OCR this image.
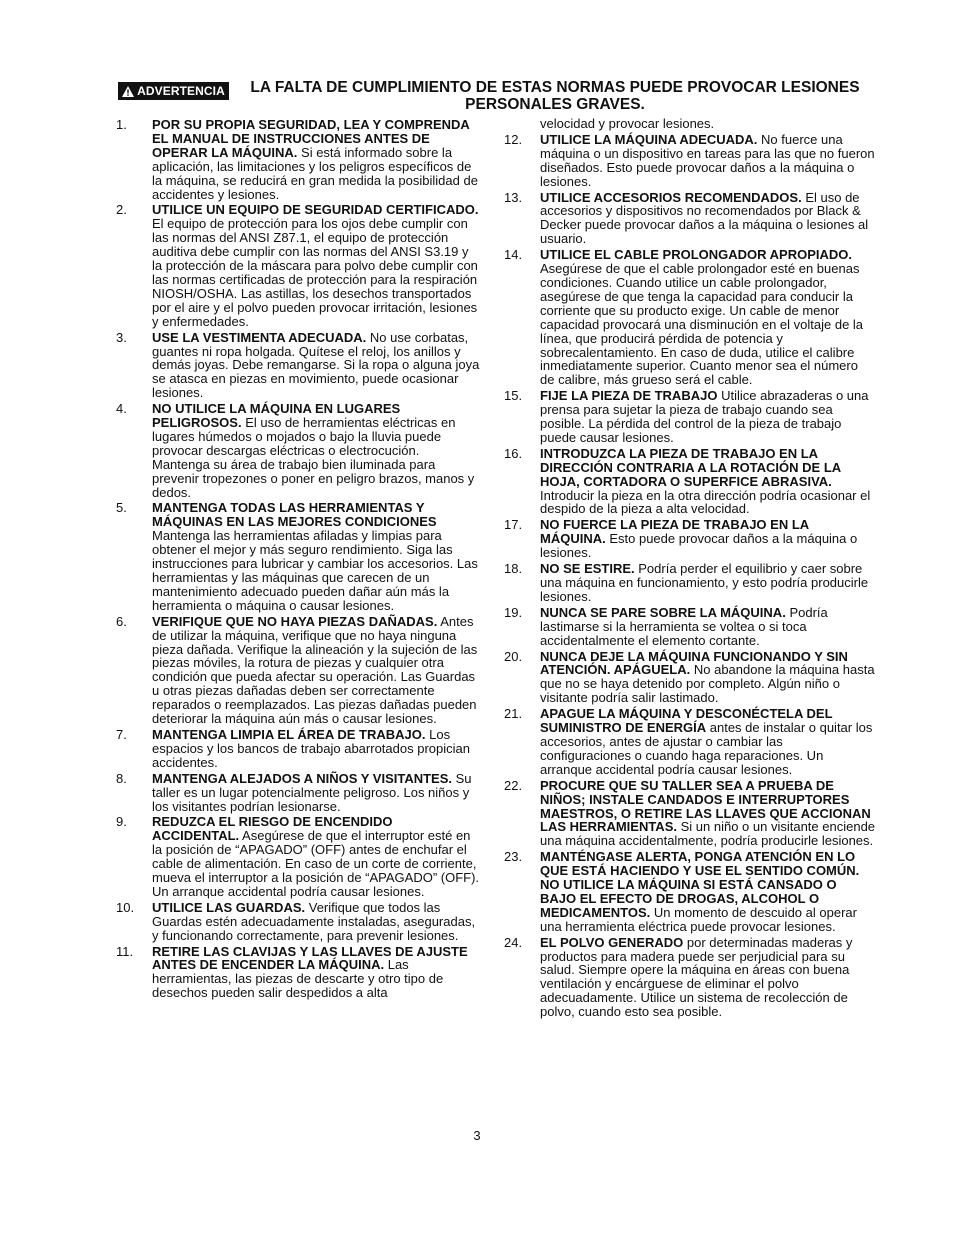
ADVERTENCIA LA FALTA DE CUMPLIMIENTO DE ESTAS NORMAS PUEDE PROVOCAR LESIONES PERSONALES GRAVES.
1.	POR SU PROPIA SEGURIDAD, LEA Y COMPRENDA EL MANUAL DE INSTRUCCIONES ANTES DE OPERAR LA MÁQUINA. Si está informado sobre la aplicación, las limitaciones y los peligros específicos de la máquina, se reducirá en gran medida la posibilidad de accidentes y lesiones.
2.	UTILICE UN EQUIPO DE SEGURIDAD CERTIFICADO. El equipo de protección para los ojos debe cumplir con las normas del ANSI Z87.1, el equipo de protección auditiva debe cumplir con las normas del ANSI S3.19 y la protección de la máscara para polvo debe cumplir con las normas certificadas de protección para la respiración NIOSH/OSHA. Las astillas, los desechos transportados por el aire y el polvo pueden provocar irritación, lesiones y enfermedades.
3.	USE LA VESTIMENTA ADECUADA. No use corbatas, guantes ni ropa holgada. Quítese el reloj, los anillos y demás joyas. Debe remangarse. Si la ropa o alguna joya se atasca en piezas en movimiento, puede ocasionar lesiones.
4.	NO UTILICE LA MÁQUINA EN LUGARES PELIGROSOS. El uso de herramientas eléctricas en lugares húmedos o mojados o bajo la lluvia puede provocar descargas eléctricas o electrocución. Mantenga su área de trabajo bien iluminada para prevenir tropezones o poner en peligro brazos, manos y dedos.
5.	MANTENGA TODAS LAS HERRAMIENTAS Y MÁQUINAS EN LAS MEJORES CONDICIONES Mantenga las herramientas afiladas y limpias para obtener el mejor y más seguro rendimiento. Siga las instrucciones para lubricar y cambiar los accesorios. Las herramientas y las máquinas que carecen de un mantenimiento adecuado pueden dañar aún más la herramienta o máquina o causar lesiones.
6.	VERIFIQUE QUE NO HAYA PIEZAS DAÑADAS. Antes de utilizar la máquina, verifique que no haya ninguna pieza dañada. Verifique la alineación y la sujeción de las piezas móviles, la rotura de piezas y cualquier otra condición que pueda afectar su operación. Las Guardas u otras piezas dañadas deben ser correctamente reparados o reemplazados. Las piezas dañadas pueden deteriorar la máquina aún más o causar lesiones.
7.	MANTENGA LIMPIA EL ÁREA DE TRABAJO. Los espacios y los bancos de trabajo abarrotados propician accidentes.
8.	MANTENGA ALEJADOS A NIÑOS Y VISITANTES. Su taller es un lugar potencialmente peligroso. Los niños y los visitantes podrían lesionarse.
9.	REDUZCA EL RIESGO DE ENCENDIDO ACCIDENTAL. Asegúrese de que el interruptor esté en la posición de “APAGADO” (OFF) antes de enchufar el cable de alimentación. En caso de un corte de corriente, mueva el interruptor a la posición de “APAGADO” (OFF). Un arranque accidental podría causar lesiones.
10.	UTILICE LAS GUARDAS. Verifique que todos las Guardas estén adecuadamente instaladas, aseguradas, y funcionando correctamente, para prevenir lesiones.
11.	RETIRE LAS CLAVIJAS Y LAS LLAVES DE AJUSTE ANTES DE ENCENDER LA MÁQUINA. Las herramientas, las piezas de descarte y otro tipo de desechos pueden salir despedidos a alta
velocidad y provocar lesiones.
12.	UTILICE LA MÁQUINA ADECUADA. No fuerce una máquina o un dispositivo en tareas para las que no fueron diseñados. Esto puede provocar daños a la máquina o lesiones.
13.	UTILICE ACCESORIOS RECOMENDADOS. El uso de accesorios y dispositivos no recomendados por Black & Decker puede provocar daños a la máquina o lesiones al usuario.
14.	UTILICE EL CABLE PROLONGADOR APROPIADO. Asegúrese de que el cable prolongador esté en buenas condiciones. Cuando utilice un cable prolongador, asegúrese de que tenga la capacidad para conducir la corriente que su producto exige. Un cable de menor capacidad provocará una disminución en el voltaje de la línea, que producirá pérdida de potencia y sobrecalentamiento. En caso de duda, utilice el calibre inmediatamente superior. Cuanto menor sea el número de calibre, más grueso será el cable.
15.	FIJE LA PIEZA DE TRABAJO Utilice abrazaderas o una prensa para sujetar la pieza de trabajo cuando sea posible. La pérdida del control de la pieza de trabajo puede causar lesiones.
16.	INTRODUZCA LA PIEZA DE TRABAJO EN LA DIRECCIÓN CONTRARIA A LA ROTACIÓN DE LA HOJA, CORTADORA O SUPERFICE ABRASIVA. Introducir la pieza en la otra dirección podría ocasionar el despido de la pieza a alta velocidad.
17.	NO FUERCE LA PIEZA DE TRABAJO EN LA MÁQUINA. Esto puede provocar daños a la máquina o lesiones.
18.	NO SE ESTIRE. Podría perder el equilibrio y caer sobre una máquina en funcionamiento, y esto podría producirle lesiones.
19.	NUNCA SE PARE SOBRE LA MÁQUINA. Podría lastimarse si la herramienta se voltea o si toca accidentalmente el elemento cortante.
20.	NUNCA DEJE LA MÁQUINA FUNCIONANDO Y SIN ATENCIÓN. APÁGUELA. No abandone la máquina hasta que no se haya detenido por completo. Algún niño o visitante podría salir lastimado.
21.	APAGUE LA MÁQUINA Y DESCONÉCTELA DEL SUMINISTRO DE ENERGÍA antes de instalar o quitar los accesorios, antes de ajustar o cambiar las configuraciones o cuando haga reparaciones. Un arranque accidental podría causar lesiones.
22.	PROCURE QUE SU TALLER SEA A PRUEBA DE NIÑOS; INSTALE CANDADOS E INTERRUPTORES MAESTROS, O RETIRE LAS LLAVES QUE ACCIONAN LAS HERRAMIENTAS. Si un niño o un visitante enciende una máquina accidentalmente, podría producirle lesiones.
23.	MANTÉNGASE ALERTA, PONGA ATENCIÓN EN LO QUE ESTÁ HACIENDO Y USE EL SENTIDO COMÚN. NO UTILICE LA MÁQUINA SI ESTÁ CANSADO O BAJO EL EFECTO DE DROGAS, ALCOHOL O MEDICAMENTOS. Un momento de descuido al operar una herramienta eléctrica puede provocar lesiones.
24.	EL POLVO GENERADO por determinadas maderas y productos para madera puede ser perjudicial para su salud. Siempre opere la máquina en áreas con buena ventilación y encárguese de eliminar el polvo adecuadamente. Utilice un sistema de recolección de polvo, cuando esto sea posible.
3
